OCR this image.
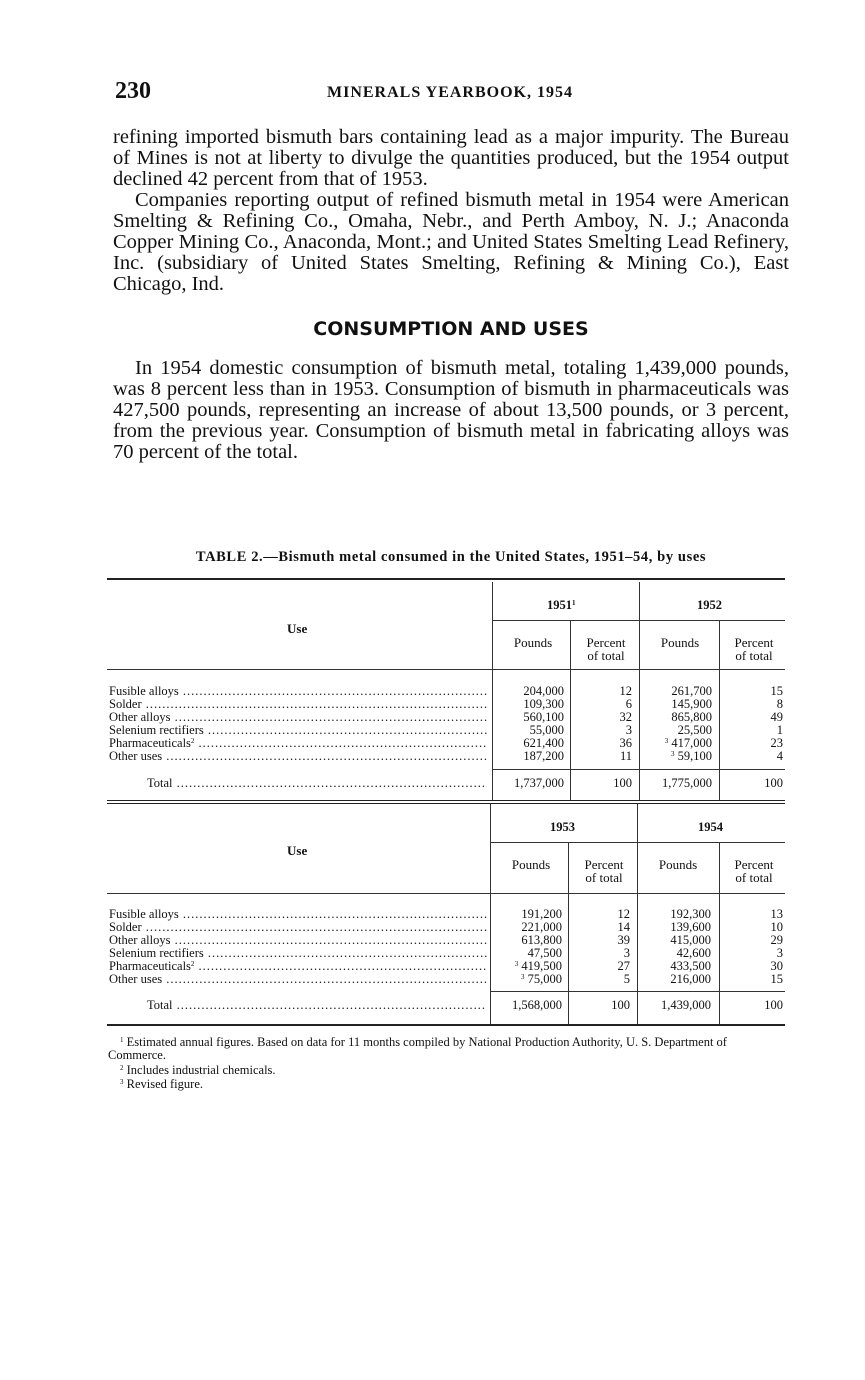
230	MINERALS YEARBOOK, 1954

refining imported bismuth bars containing lead as a major impurity. The Bureau of Mines is not at liberty to divulge the quantities produced, but the 1954 output declined 42 percent from that of 1953.

Companies reporting output of refined bismuth metal in 1954 were American Smelting & Refining Co., Omaha, Nebr., and Perth Amboy, N. J.; Anaconda Copper Mining Co., Anaconda, Mont.; and United States Smelting Lead Refinery, Inc. (subsidiary of United States Smelting, Refining & Mining Co.), East Chicago, Ind.

CONSUMPTION AND USES

In 1954 domestic consumption of bismuth metal, totaling 1,439,000 pounds, was 8 percent less than in 1953. Consumption of bismuth in pharmaceuticals was 427,500 pounds, representing an increase of about 13,500 pounds, or 3 percent, from the previous year. Consumption of bismuth metal in fabricating alloys was 70 percent of the total.

TABLE 2.—Bismuth metal consumed in the United States, 1951–54, by uses
Use
1951$^1$	1952
Pounds	Percent
of total
Pounds	Percent
of total
Fusible alloys .....	204,000	12	261,700	15
Solder .....	109,300	6	145,900	8
Other alloys .....	560,100	32	865,800	49
Selenium rectifiers .....	55,000	3	25,500	1
Pharmaceuticals$^2$ .....	621,400	36	$^3$ 417,000	23
Other uses .....	187,200	11	$^3$ 59,100	4
Total .....	1,737,000	100	1,775,000	100
Use
1953	1954
Pounds	Percent
of total
Pounds	Percent
of total
Fusible alloys .....	191,200	12	192,300	13
Solder .....	221,000	14	139,600	10
Other alloys .....	613,800	39	415,000	29
Selenium rectifiers .....	47,500	3	42,600	3
Pharmaceuticals$^2$ .....	$^3$ 419,500	27	433,500	30
Other uses .....	$^3$ 75,000	5	216,000	15
Total .....	1,568,000	100	1,439,000	100

$^1$ Estimated annual figures. Based on data for 11 months compiled by National Production Authority, U. S. Department of Commerce.

$^2$ Includes industrial chemicals.

$^3$ Revised figure.
